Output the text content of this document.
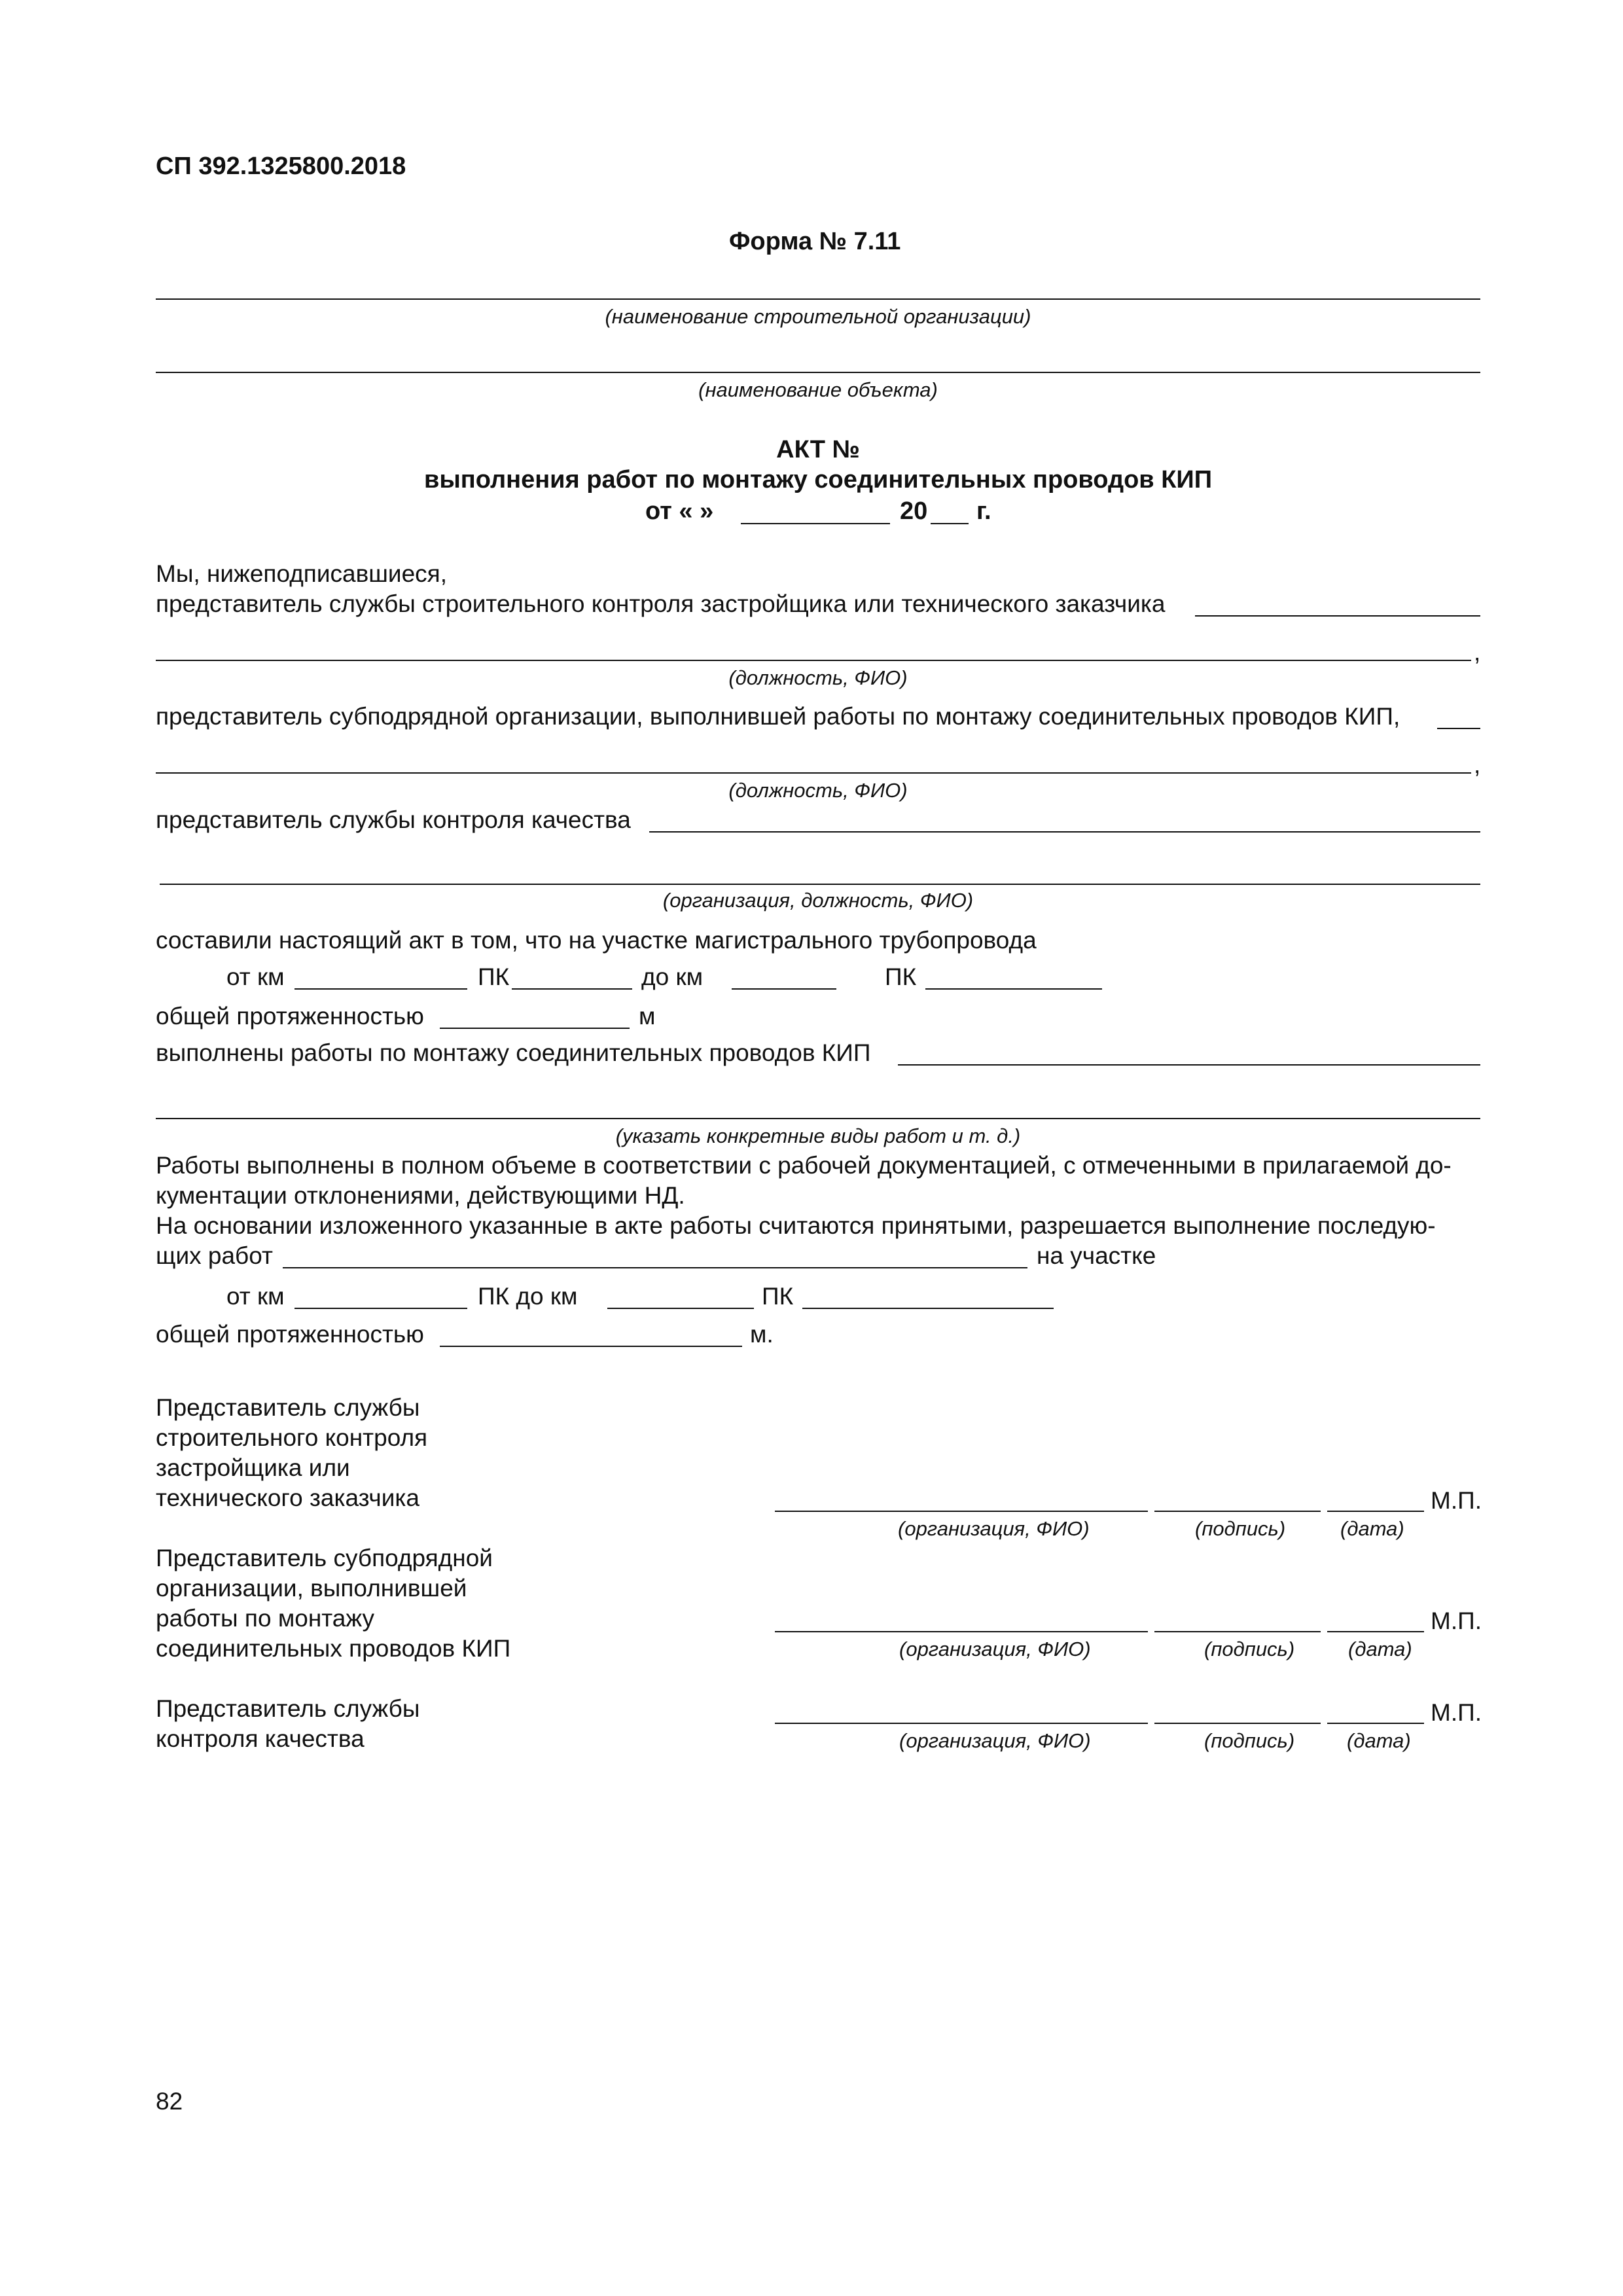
СП 392.1325800.2018
Форма № 7.11
(наименование строительной организации)
(наименование объекта)
АКТ №
выполнения работ по монтажу соединительных проводов КИП
от « »	20 г.
Мы, нижеподписавшиеся,
представитель службы строительного контроля застройщика или технического заказчика
,
(должность, ФИО)
представитель субподрядной организации, выполнившей работы по монтажу соединительных проводов КИП,
,
(должность, ФИО)
представитель службы контроля качества
(организация, должность, ФИО)
составили настоящий акт в том, что на участке магистрального трубопровода
от км	ПК	до км	ПК
общей протяженностью	м
выполнены работы по монтажу соединительных проводов КИП
(указать конкретные виды работ и т. д.)
Работы выполнены в полном объеме в соответствии с рабочей документацией, с отмеченными в прилагаемой до-
кументации отклонениями, действующими НД.
На основании изложенного указанные в акте работы считаются принятыми, разрешается выполнение последую-
щих работ	на участке
от км	ПК до км	ПК
общей протяженностью	м.
Представитель службы
строительного контроля
застройщика или
технического заказчика	М.П.
(организация, ФИО)	(подпись)	(дата)
Представитель субподрядной
организации, выполнившей
работы по монтажу
соединительных проводов КИП
М.П.
(организация, ФИО)	(подпись)	(дата)
Представитель службы
контроля качества
М.П.
(организация, ФИО)	(подпись)	(дата)
82
